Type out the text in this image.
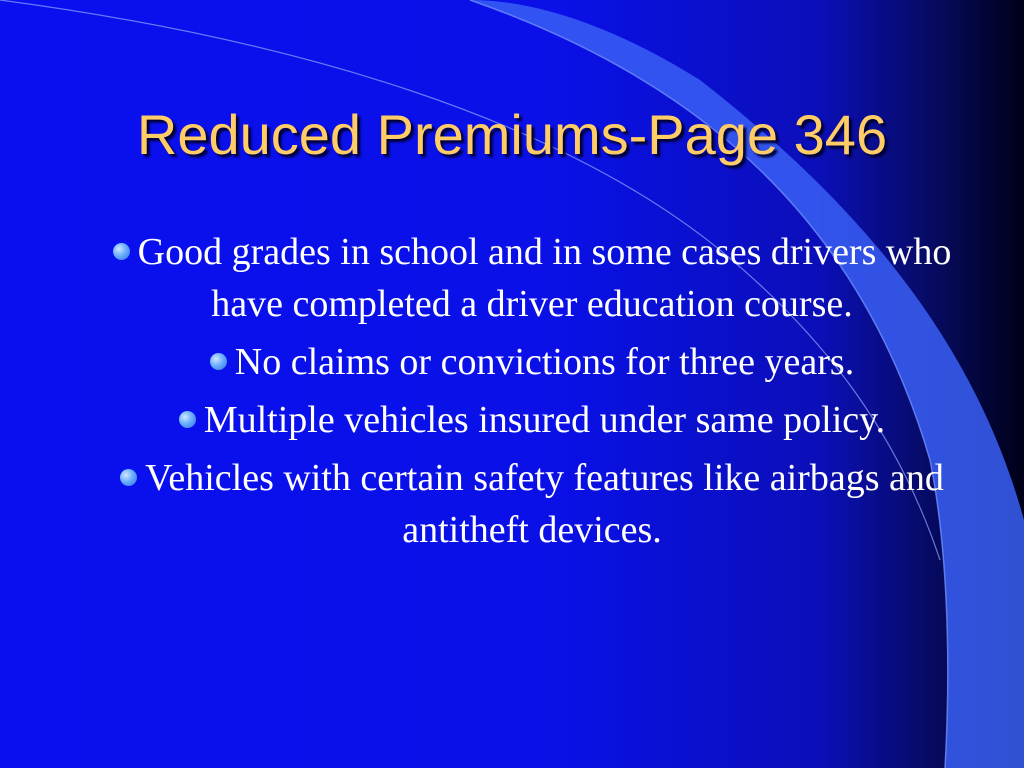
Reduced Premiums-Page 346
Good grades in school and in some cases drivers who have completed a driver education course.
No claims or convictions for three years.
Multiple vehicles insured under same policy.
Vehicles with certain safety features like airbags and antitheft devices.
